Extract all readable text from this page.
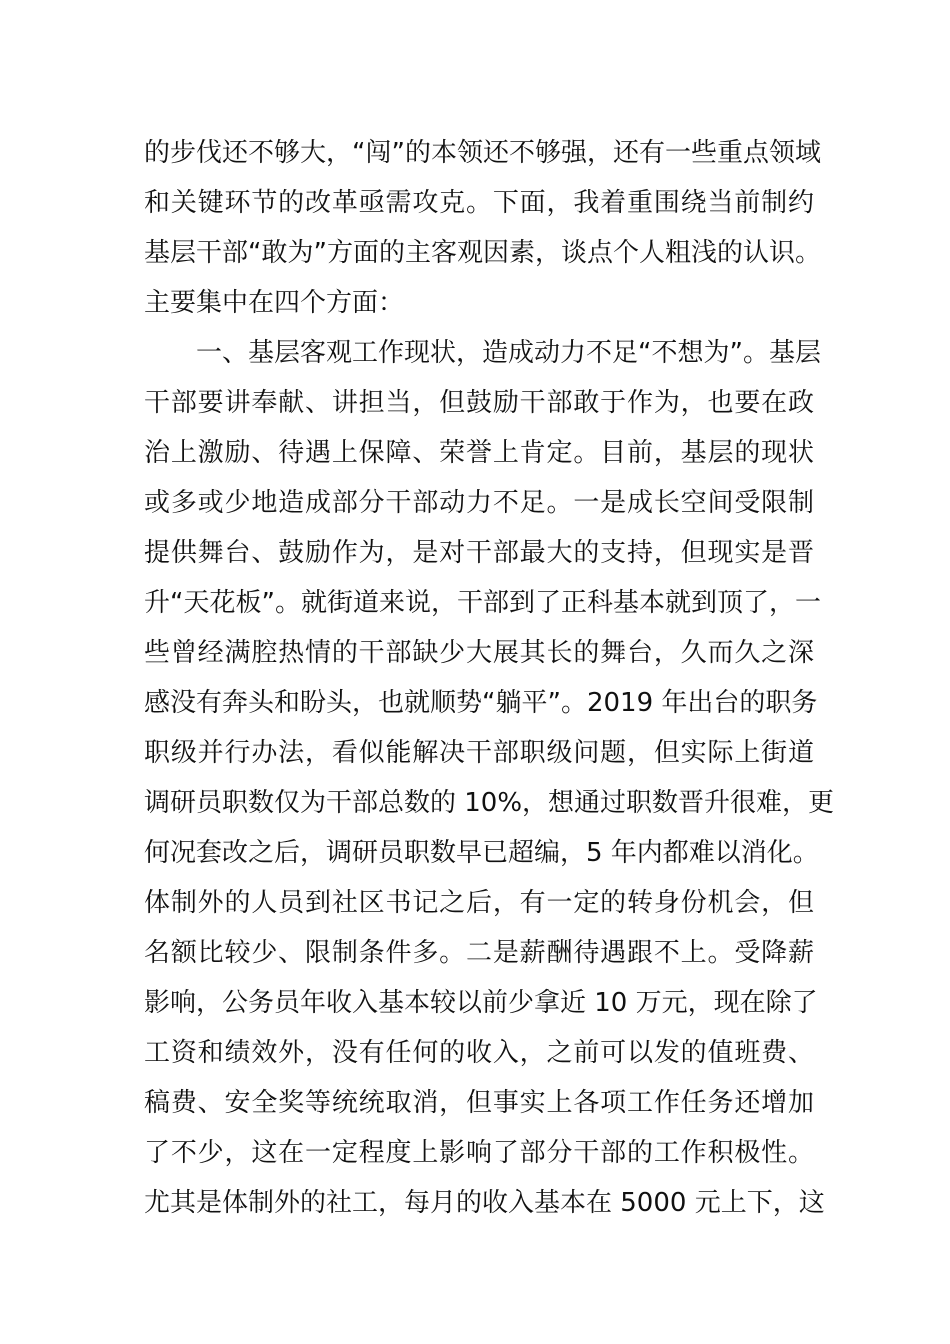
的步伐还不够大，“闯”的本领还不够强，还有一些重点领域
和关键环节的改革亟需攻克。下面，我着重围绕当前制约
基层干部“敢为”方面的主客观因素，谈点个人粗浅的认识。
主要集中在四个方面：
一、基层客观工作现状，造成动力不足“不想为”。基层
干部要讲奉献、讲担当，但鼓励干部敢于作为，也要在政
治上激励、待遇上保障、荣誉上肯定。目前，基层的现状
或多或少地造成部分干部动力不足。一是成长空间受限制
提供舞台、鼓励作为，是对干部最大的支持，但现实是晋
升“天花板”。就街道来说，干部到了正科基本就到顶了，一
些曾经满腔热情的干部缺少大展其长的舞台，久而久之深
感没有奔头和盼头，也就顺势“躺平”。2019 年出台的职务
职级并行办法，看似能解决干部职级问题，但实际上街道
调研员职数仅为干部总数的 10%，想通过职数晋升很难，更
何况套改之后，调研员职数早已超编，5 年内都难以消化。
体制外的人员到社区书记之后，有一定的转身份机会，但
名额比较少、限制条件多。二是薪酬待遇跟不上。受降薪
影响，公务员年收入基本较以前少拿近 10 万元，现在除了
工资和绩效外，没有任何的收入，之前可以发的值班费、
稿费、安全奖等统统取消，但事实上各项工作任务还增加
了不少，这在一定程度上影响了部分干部的工作积极性。
尤其是体制外的社工，每月的收入基本在 5000 元上下，这
